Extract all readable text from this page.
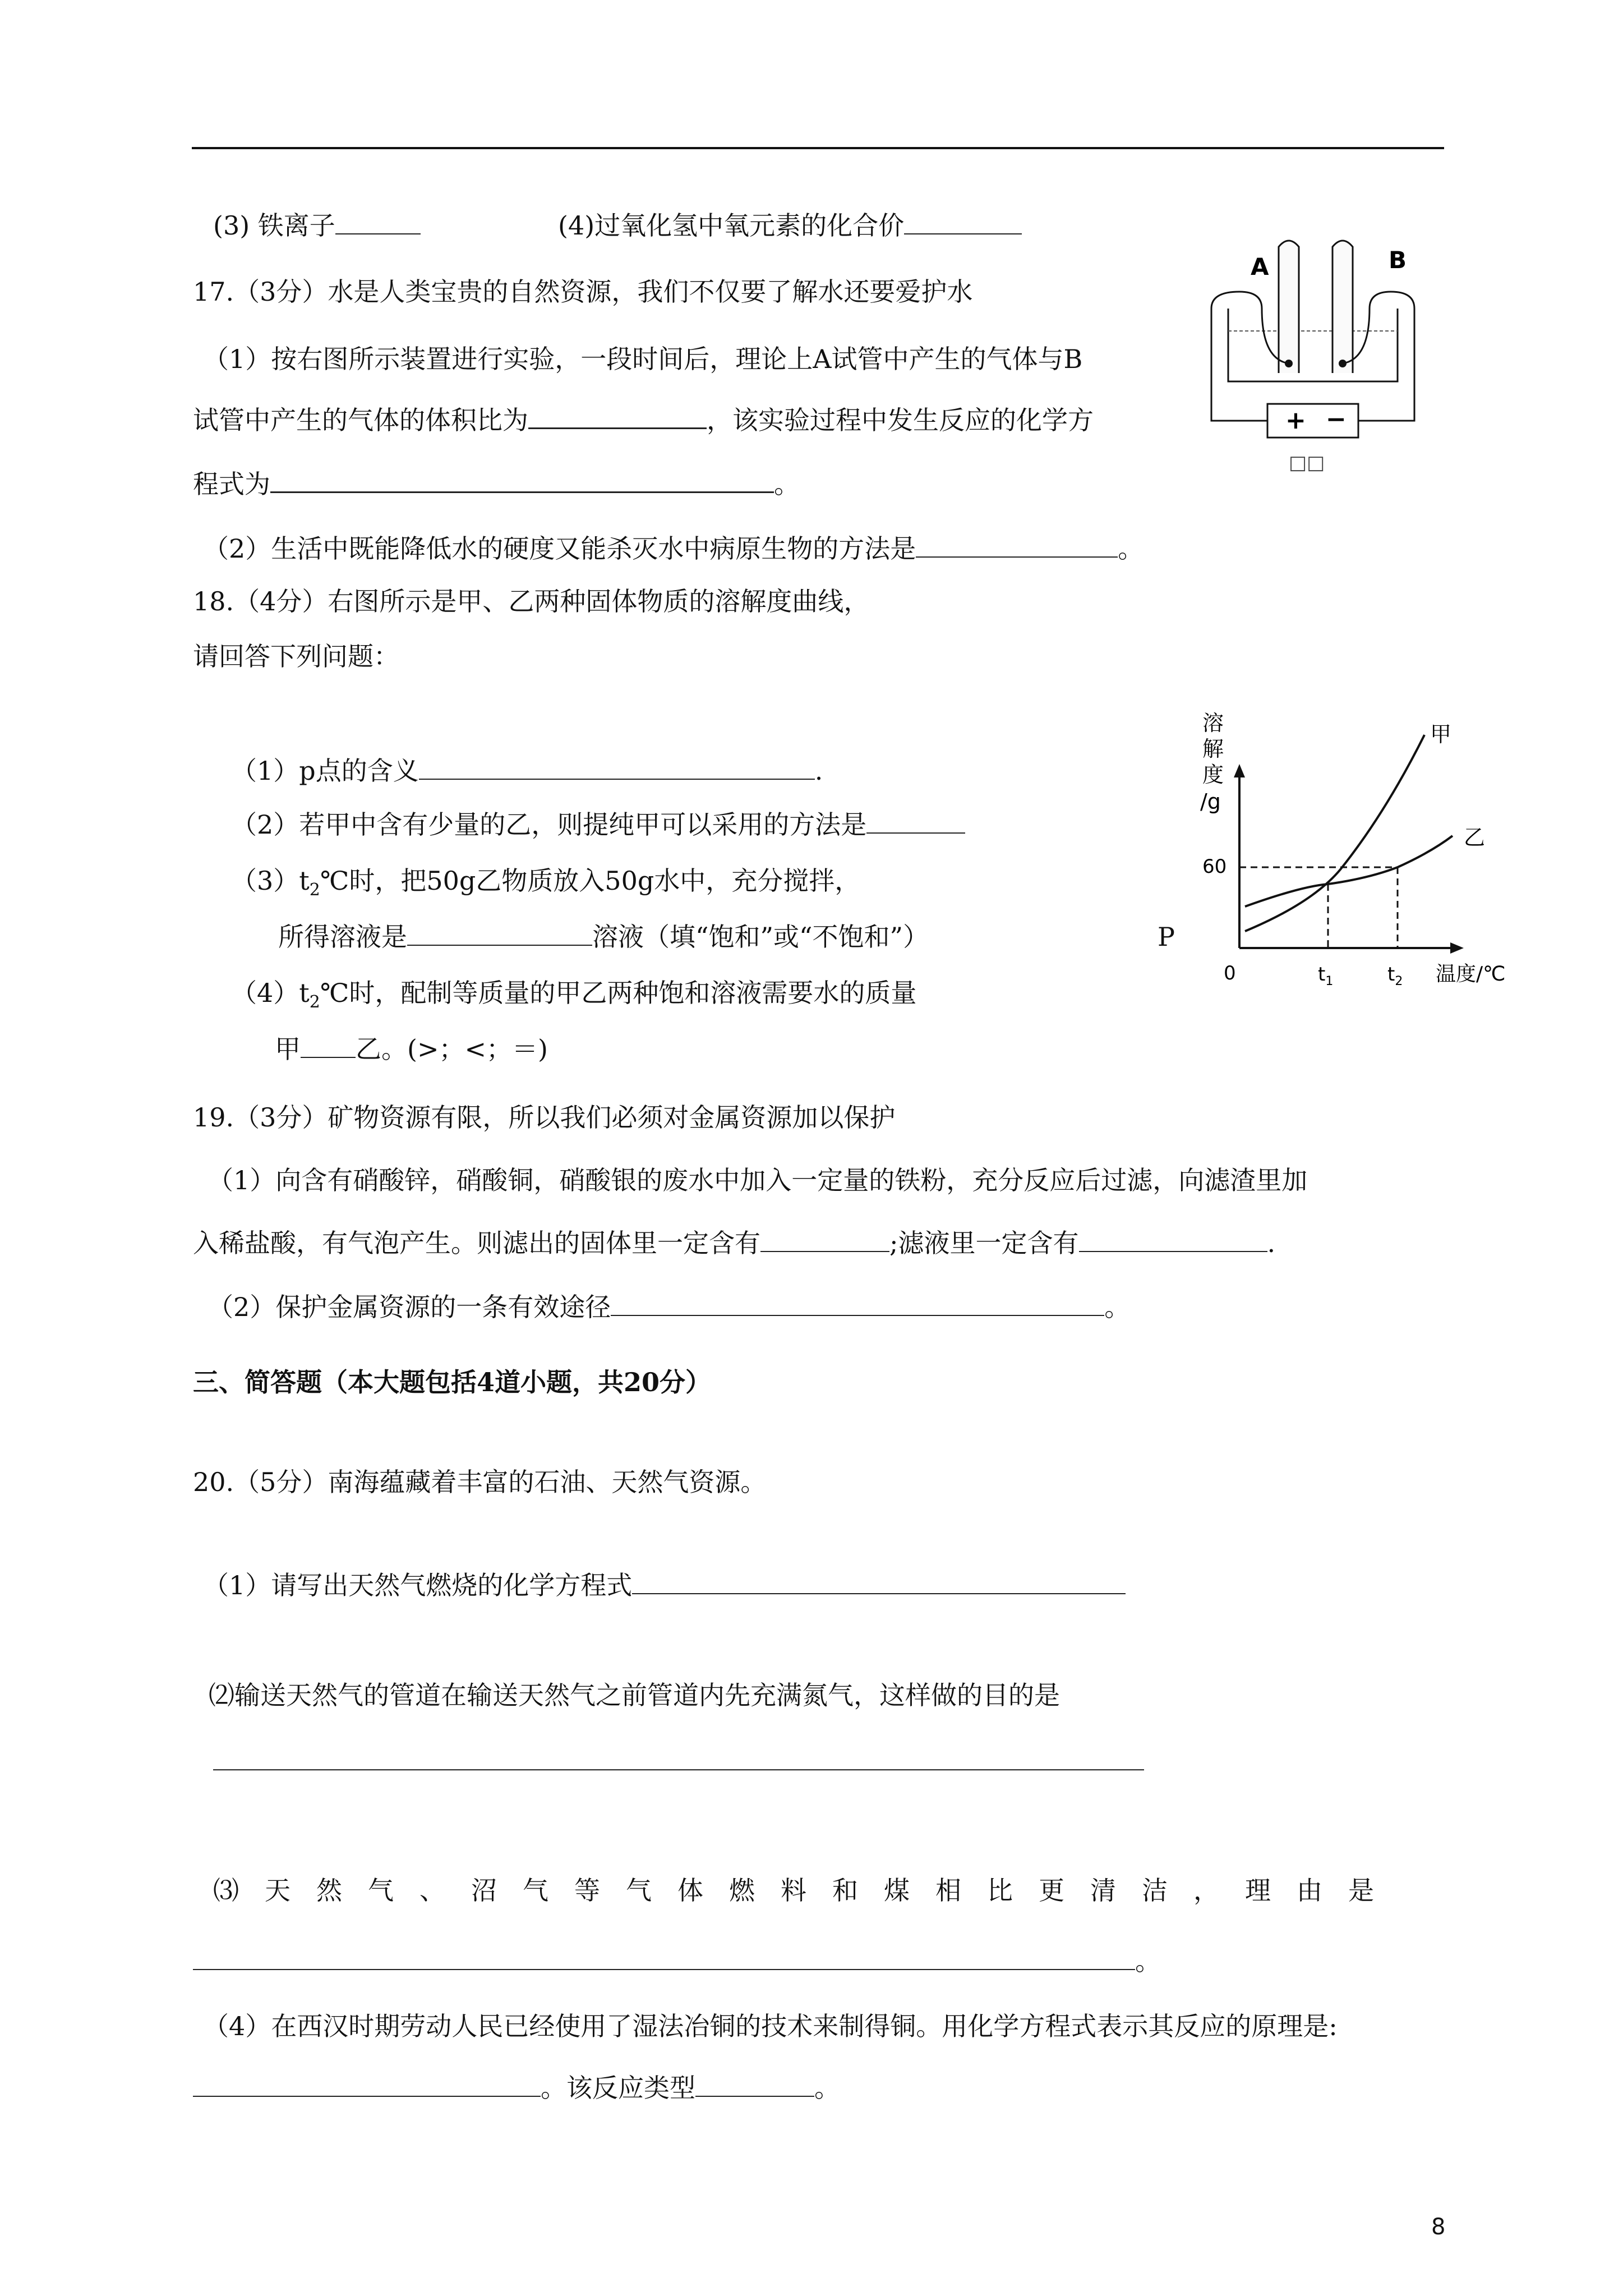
(3) 铁离子	(4)过氧化氢中氧元素的化合价
17.（3分）水是人类宝贵的自然资源，我们不仅要了解水还要爱护水
（1）按右图所示装置进行实验，一段时间后，理论上A试管中产生的气体与B
试管中产生的气体的体积比为	，该实验过程中发生反应的化学方
程式为	。
（2）生活中既能降低水的硬度又能杀灭水中病原生物的方法是	。
A	B
+ −
□□
18.（4分）右图所示是甲、乙两种固体物质的溶解度曲线，
请回答下列问题：
（1）p点的含义	.
（2）若甲中含有少量的乙，则提纯甲可以采用的方法是
$(3)t_2℃$时，把50g乙物质放入50g水中，充分搅拌，
所得溶液是	溶液（填“饱和”或“不饱和”）	P
$(4)t_2℃$时，配制等质量的甲乙两种饱和溶液需要水的质量
甲 乙。(>；<；＝)
溶
解
度
/g
60
0	$t_1$	$t_2$ 温度/℃
甲
乙
19.（3分）矿物资源有限，所以我们必须对金属资源加以保护
（1）向含有硝酸锌，硝酸铜，硝酸银的废水中加入一定量的铁粉，充分反应后过滤，向滤渣里加
入稀盐酸，有气泡产生。则滤出的固体里一定含有	;滤液里一定含有	.
（2）保护金属资源的一条有效途径	。
三、简答题（本大题包括4道小题，共20分）
20.（5分）南海蕴藏着丰富的石油、天然气资源。
（1）请写出天然气燃烧的化学方程式
⑵输送天然气的管道在输送天然气之前管道内先充满氮气，这样做的目的是
⑶天然气、沼气等气体燃料和煤相比更清洁，理由是
。
（4）在西汉时期劳动人民已经使用了湿法冶铜的技术来制得铜。用化学方程式表示其反应的原理是:
。该反应类型	。
8
